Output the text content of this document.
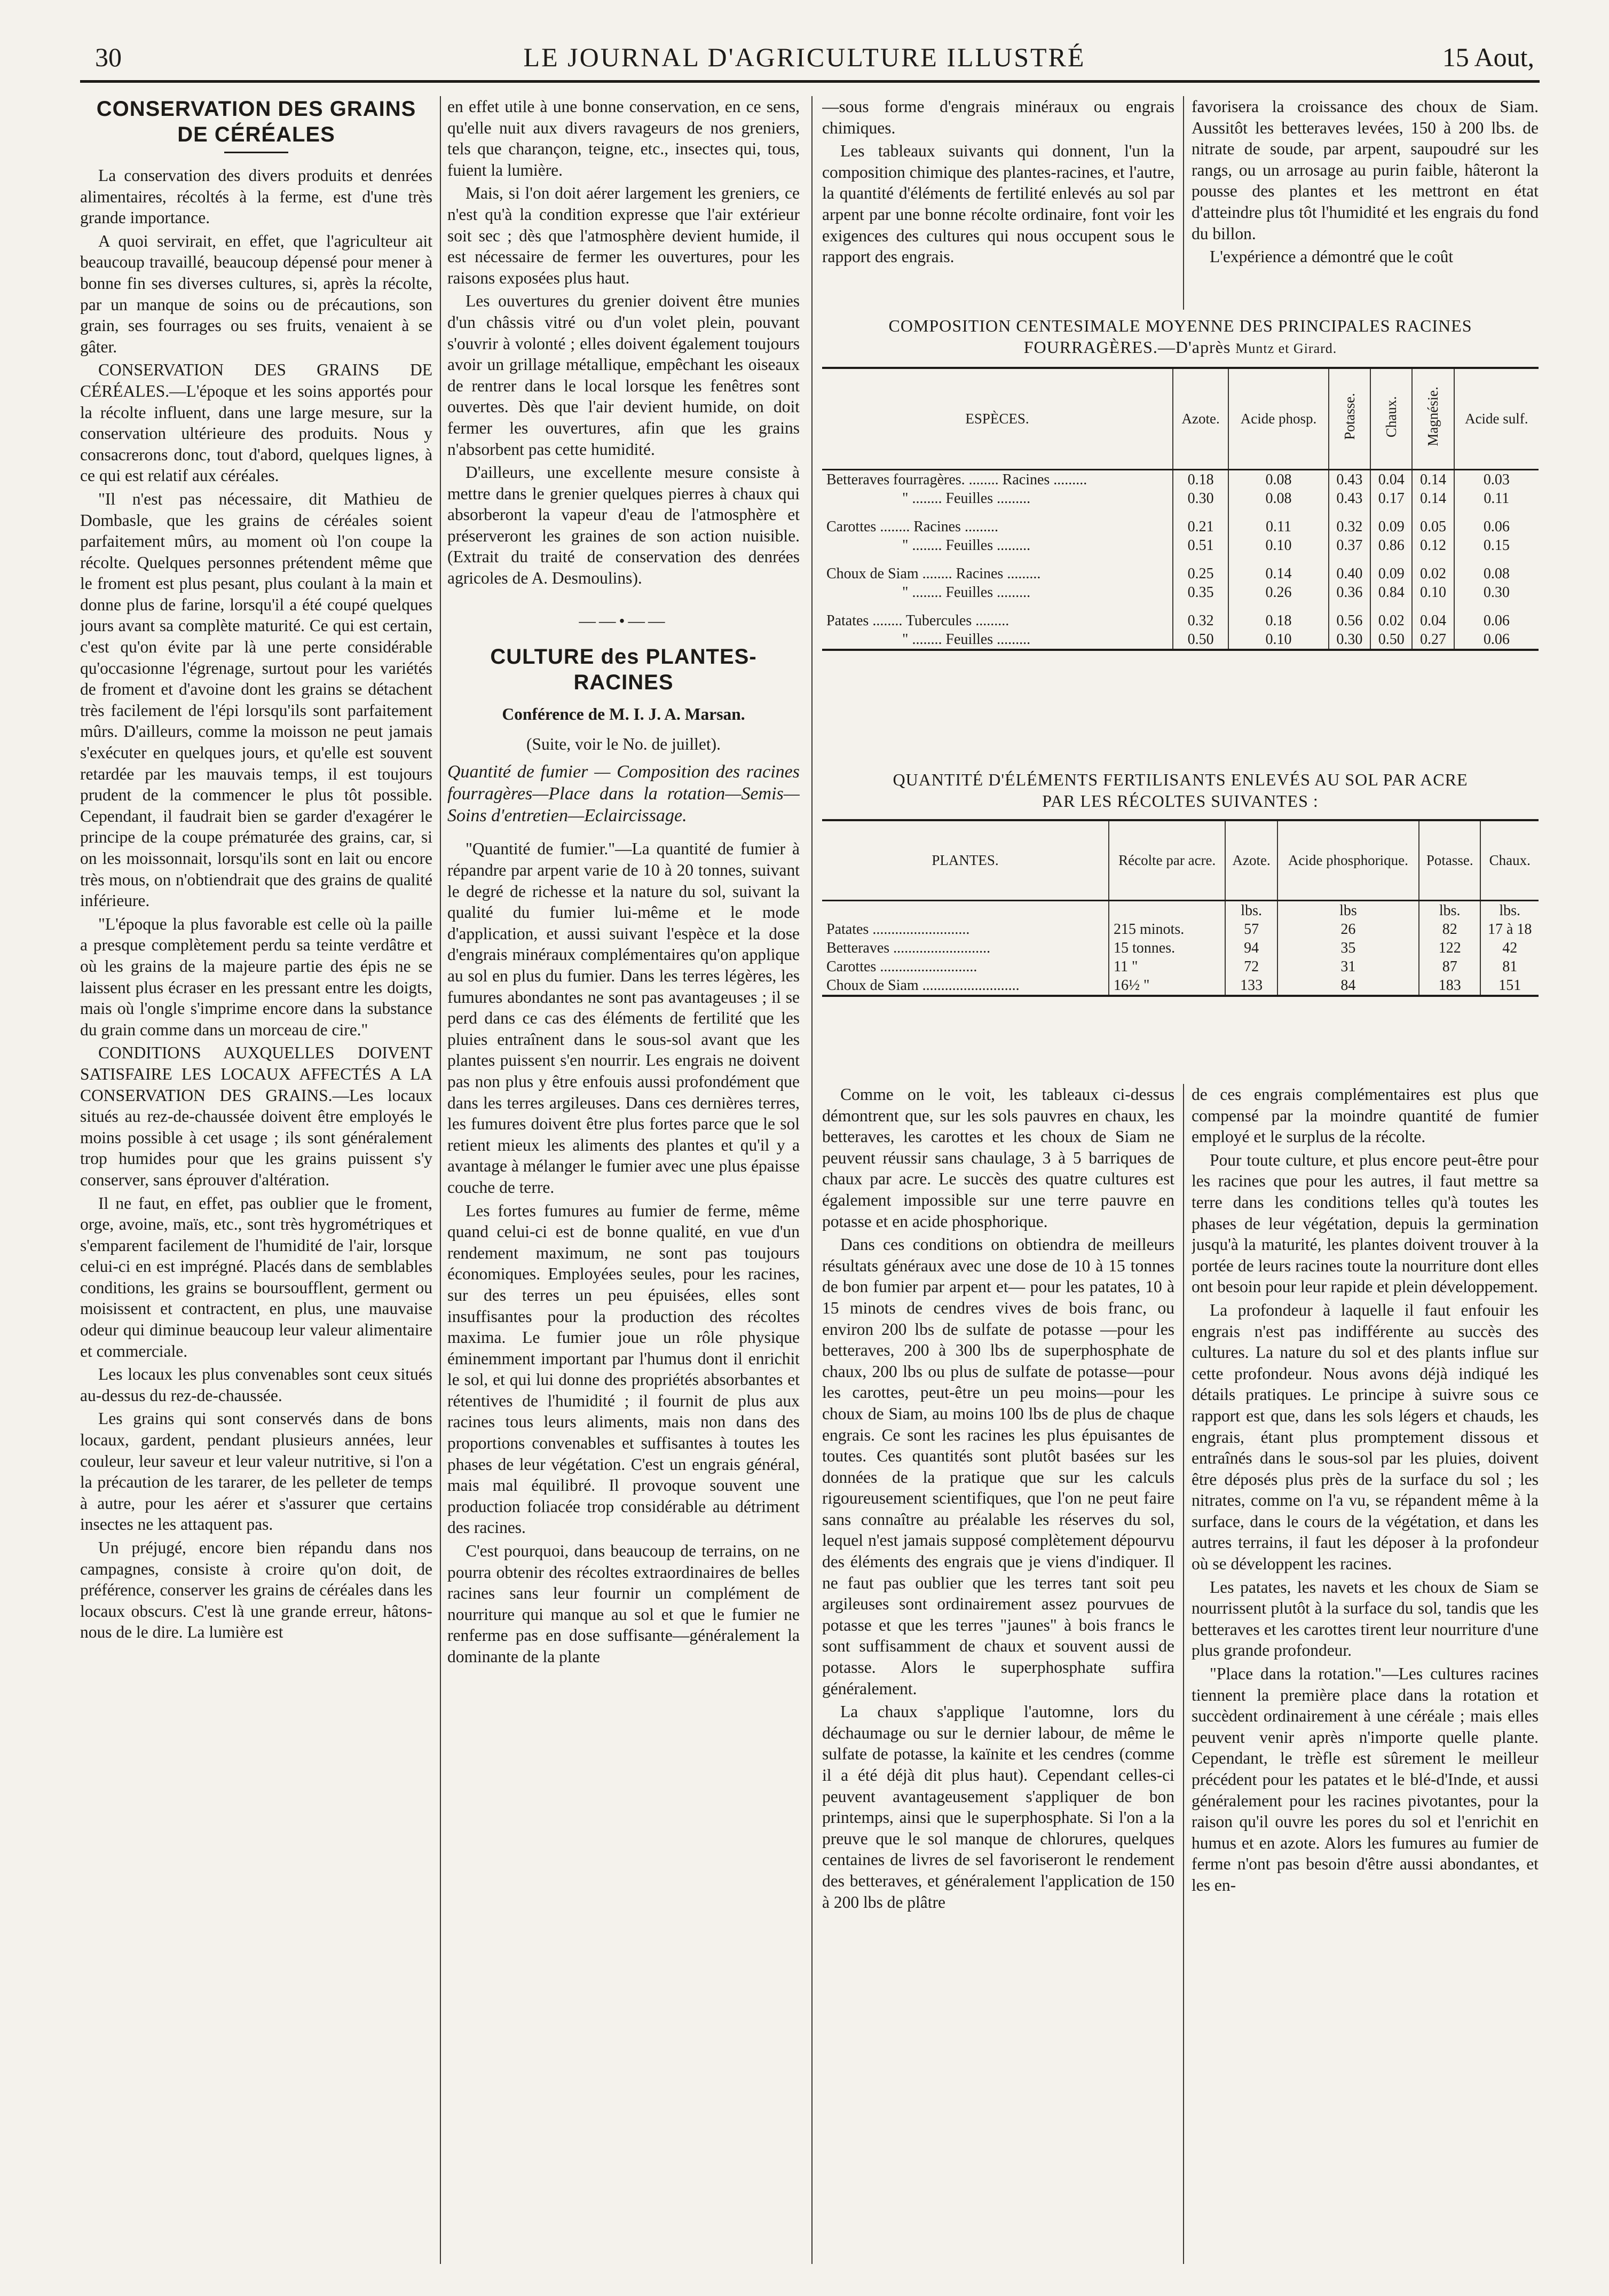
30	LE JOURNAL D'AGRICULTURE ILLUSTRÉ	15 Aout,
CONSERVATION DES GRAINS DE CÉRÉALES

La conservation des divers produits et denrées alimentaires, récoltés à la ferme, est d'une très grande importance.

A quoi servirait, en effet, que l'agriculteur ait beaucoup travaillé, beaucoup dépensé pour mener à bonne fin ses diverses cultures, si, après la récolte, par un manque de soins ou de précautions, son grain, ses fourrages ou ses fruits, venaient à se gâter.

CONSERVATION DES GRAINS DE CÉRÉALES.—L'époque et les soins apportés pour la récolte influent, dans une large mesure, sur la conservation ultérieure des produits. Nous y consacrerons donc, tout d'abord, quelques lignes, à ce qui est relatif aux céréales.

"Il n'est pas nécessaire, dit Mathieu de Dombasle, que les grains de céréales soient parfaitement mûrs, au moment où l'on coupe la récolte. Quelques personnes prétendent même que le froment est plus pesant, plus coulant à la main et donne plus de farine, lorsqu'il a été coupé quelques jours avant sa complète maturité. Ce qui est certain, c'est qu'on évite par là une perte considérable qu'occasionne l'égrenage, surtout pour les variétés de froment et d'avoine dont les grains se détachent très facilement de l'épi lorsqu'ils sont parfaitement mûrs. D'ailleurs, comme la moisson ne peut jamais s'exécuter en quelques jours, et qu'elle est souvent retardée par les mauvais temps, il est toujours prudent de la commencer le plus tôt possible. Cependant, il faudrait bien se garder d'exagérer le principe de la coupe prématurée des grains, car, si on les moissonnait, lorsqu'ils sont en lait ou encore très mous, on n'obtiendrait que des grains de qualité inférieure.

"L'époque la plus favorable est celle où la paille a presque complètement perdu sa teinte verdâtre et où les grains de la majeure partie des épis ne se laissent plus écraser en les pressant entre les doigts, mais où l'ongle s'imprime encore dans la substance du grain comme dans un morceau de cire."

CONDITIONS AUXQUELLES DOIVENT SATISFAIRE LES LOCAUX AFFECTÉS A LA CONSERVATION DES GRAINS.—Les locaux situés au rez-de-chaussée doivent être employés le moins possible à cet usage ; ils sont généralement trop humides pour que les grains puissent s'y conserver, sans éprouver d'altération.

Il ne faut, en effet, pas oublier que le froment, orge, avoine, maïs, etc., sont très hygrométriques et s'emparent facilement de l'humidité de l'air, lorsque celui-ci en est imprégné. Placés dans de semblables conditions, les grains se boursoufflent, germent ou moisissent et contractent, en plus, une mauvaise odeur qui diminue beaucoup leur valeur alimentaire et commerciale.

Les locaux les plus convenables sont ceux situés au-dessus du rez-de-chaussée.

Les grains qui sont conservés dans de bons locaux, gardent, pendant plusieurs années, leur couleur, leur saveur et leur valeur nutritive, si l'on a la précaution de les tararer, de les pelleter de temps à autre, pour les aérer et s'assurer que certains insectes ne les attaquent pas.

Un préjugé, encore bien répandu dans nos campagnes, consiste à croire qu'on doit, de préférence, conserver les grains de céréales dans les locaux obscurs. C'est là une grande erreur, hâtons-nous de le dire. La lumière est

en effet utile à une bonne conservation, en ce sens, qu'elle nuit aux divers ravageurs de nos greniers, tels que charançon, teigne, etc., insectes qui, tous, fuient la lumière.

Mais, si l'on doit aérer largement les greniers, ce n'est qu'à la condition expresse que l'air extérieur soit sec ; dès que l'atmosphère devient humide, il est nécessaire de fermer les ouvertures, pour les raisons exposées plus haut.

Les ouvertures du grenier doivent être munies d'un châssis vitré ou d'un volet plein, pouvant s'ouvrir à volonté ; elles doivent également toujours avoir un grillage métallique, empêchant les oiseaux de rentrer dans le local lorsque les fenêtres sont ouvertes. Dès que l'air devient humide, on doit fermer les ouvertures, afin que les grains n'absorbent pas cette humidité.

D'ailleurs, une excellente mesure consiste à mettre dans le grenier quelques pierres à chaux qui absorberont la vapeur d'eau de l'atmosphère et préserveront les graines de son action nuisible. (Extrait du traité de conservation des denrées agricoles de A. Desmoulins).

——•——
CULTURE des PLANTES-RACINES

Conférence de M. I. J. A. Marsan.

(Suite, voir le No. de juillet).

Quantité de fumier — Composition des racines fourragères—Place dans la rotation—Semis—Soins d'entretien—Eclaircissage.

"Quantité de fumier."—La quantité de fumier à répandre par arpent varie de 10 à 20 tonnes, suivant le degré de richesse et la nature du sol, suivant la qualité du fumier lui-même et le mode d'application, et aussi suivant l'espèce et la dose d'engrais minéraux complémentaires qu'on applique au sol en plus du fumier. Dans les terres légères, les fumures abondantes ne sont pas avantageuses ; il se perd dans ce cas des éléments de fertilité que les pluies entraînent dans le sous-sol avant que les plantes puissent s'en nourrir. Les engrais ne doivent pas non plus y être enfouis aussi profondément que dans les terres argileuses. Dans ces dernières terres, les fumures doivent être plus fortes parce que le sol retient mieux les aliments des plantes et qu'il y a avantage à mélanger le fumier avec une plus épaisse couche de terre.

Les fortes fumures au fumier de ferme, même quand celui-ci est de bonne qualité, en vue d'un rendement maximum, ne sont pas toujours économiques. Employées seules, pour les racines, sur des terres un peu épuisées, elles sont insuffisantes pour la production des récoltes maxima. Le fumier joue un rôle physique éminemment important par l'humus dont il enrichit le sol, et qui lui donne des propriétés absorbantes et rétentives de l'humidité ; il fournit de plus aux racines tous leurs aliments, mais non dans des proportions convenables et suffisantes à toutes les phases de leur végétation. C'est un engrais général, mais mal équilibré. Il provoque souvent une production foliacée trop considérable au détriment des racines.

C'est pourquoi, dans beaucoup de terrains, on ne pourra obtenir des récoltes extraordinaires de belles racines sans leur fournir un complément de nourriture qui manque au sol et que le fumier ne renferme pas en dose suffisante—généralement la dominante de la plante

—sous forme d'engrais minéraux ou engrais chimiques.

Les tableaux suivants qui donnent, l'un la composition chimique des plantes-racines, et l'autre, la quantité d'éléments de fertilité enlevés au sol par arpent par une bonne récolte ordinaire, font voir les exigences des cultures qui nous occupent sous le rapport des engrais.

favorisera la croissance des choux de Siam. Aussitôt les betteraves levées, 150 à 200 lbs. de nitrate de soude, par arpent, saupoudré sur les rangs, ou un arrosage au purin faible, hâteront la pousse des plantes et les mettront en état d'atteindre plus tôt l'humidité et les engrais du fond du billon.

L'expérience a démontré que le coût

COMPOSITION CENTESIMALE MOYENNE DES PRINCIPALES RACINES
FOURRAGÈRES.—D'après Muntz et Girard.
ESPÈCES.	Azote.	Acide phosp.	Potasse.	Chaux.	Magnésie.	Acide sulf.
Betteraves fourragères. ........ Racines .........	0.18	0.08	0.43	0.04	0.14	0.03
" ........ Feuilles .........	0.30	0.08	0.43	0.17	0.14	0.11

Carottes ........ Racines .........	0.21	0.11	0.32	0.09	0.05	0.06
" ........ Feuilles .........	0.51	0.10	0.37	0.86	0.12	0.15

Choux de Siam ........ Racines .........	0.25	0.14	0.40	0.09	0.02	0.08
" ........ Feuilles .........	0.35	0.26	0.36	0.84	0.10	0.30

Patates ........ Tubercules .........	0.32	0.18	0.56	0.02	0.04	0.06
" ........ Feuilles .........	0.50	0.10	0.30	0.50	0.27	0.06
QUANTITÉ D'ÉLÉMENTS FERTILISANTS ENLEVÉS AU SOL PAR ACRE
PAR LES RÉCOLTES SUIVANTES :
PLANTES.	Récolte par acre.	Azote.	Acide phosphorique.	Potasse.	Chaux.
		lbs.	lbs	lbs.	lbs.
Patates ..........................	215 minots.	57	26	82	17 à 18
Betteraves ..........................	15 tonnes.	94	35	122	42
Carottes ..........................	11 "	72	31	87	81
Choux de Siam ..........................	16½ "	133	84	183	151

Comme on le voit, les tableaux ci-dessus démontrent que, sur les sols pauvres en chaux, les betteraves, les carottes et les choux de Siam ne peuvent réussir sans chaulage, 3 à 5 barriques de chaux par acre. Le succès des quatre cultures est également impossible sur une terre pauvre en potasse et en acide phosphorique.

Dans ces conditions on obtiendra de meilleurs résultats généraux avec une dose de 10 à 15 tonnes de bon fumier par arpent et— pour les patates, 10 à 15 minots de cendres vives de bois franc, ou environ 200 lbs de sulfate de potasse —pour les betteraves, 200 à 300 lbs de superphosphate de chaux, 200 lbs ou plus de sulfate de potasse—pour les carottes, peut-être un peu moins—pour les choux de Siam, au moins 100 lbs de plus de chaque engrais. Ce sont les racines les plus épuisantes de toutes. Ces quantités sont plutôt basées sur les données de la pratique que sur les calculs rigoureusement scientifiques, que l'on ne peut faire sans connaître au préalable les réserves du sol, lequel n'est jamais supposé complètement dépourvu des éléments des engrais que je viens d'indiquer. Il ne faut pas oublier que les terres tant soit peu argileuses sont ordinairement assez pourvues de potasse et que les terres "jaunes" à bois francs le sont suffisamment de chaux et souvent aussi de potasse. Alors le superphosphate suffira généralement.

La chaux s'applique l'automne, lors du déchaumage ou sur le dernier labour, de même le sulfate de potasse, la kaïnite et les cendres (comme il a été déjà dit plus haut). Cependant celles-ci peuvent avantageusement s'appliquer de bon printemps, ainsi que le superphosphate. Si l'on a la preuve que le sol manque de chlorures, quelques centaines de livres de sel favoriseront le rendement des betteraves, et généralement l'application de 150 à 200 lbs de plâtre

de ces engrais complémentaires est plus que compensé par la moindre quantité de fumier employé et le surplus de la récolte.

Pour toute culture, et plus encore peut-être pour les racines que pour les autres, il faut mettre sa terre dans les conditions telles qu'à toutes les phases de leur végétation, depuis la germination jusqu'à la maturité, les plantes doivent trouver à la portée de leurs racines toute la nourriture dont elles ont besoin pour leur rapide et plein développement.

La profondeur à laquelle il faut enfouir les engrais n'est pas indifférente au succès des cultures. La nature du sol et des plants influe sur cette profondeur. Nous avons déjà indiqué les détails pratiques. Le principe à suivre sous ce rapport est que, dans les sols légers et chauds, les engrais, étant plus promptement dissous et entraînés dans le sous-sol par les pluies, doivent être déposés plus près de la surface du sol ; les nitrates, comme on l'a vu, se répandent même à la surface, dans le cours de la végétation, et dans les autres terrains, il faut les déposer à la profondeur où se développent les racines.

Les patates, les navets et les choux de Siam se nourrissent plutôt à la surface du sol, tandis que les betteraves et les carottes tirent leur nourriture d'une plus grande profondeur.

"Place dans la rotation."—Les cultures racines tiennent la première place dans la rotation et succèdent ordinairement à une céréale ; mais elles peuvent venir après n'importe quelle plante. Cependant, le trèfle est sûrement le meilleur précédent pour les patates et le blé-d'Inde, et aussi généralement pour les racines pivotantes, pour la raison qu'il ouvre les pores du sol et l'enrichit en humus et en azote. Alors les fumures au fumier de ferme n'ont pas besoin d'être aussi abondantes, et les en-
